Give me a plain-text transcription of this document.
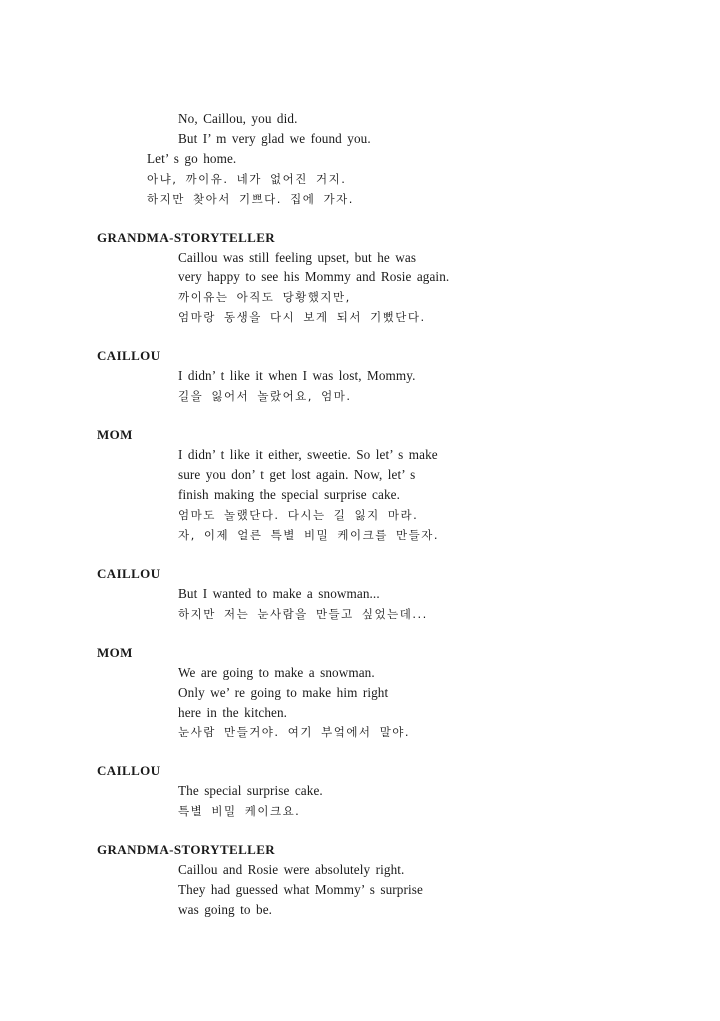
No, Caillou, you did.
But I’ m very glad we found you.
Let’ s go home.
아냐, 까이유. 네가 없어진 거지.
하지만 찾아서 기쁘다. 집에 가자.
GRANDMA-STORYTELLER
Caillou was still feeling upset, but he was
very happy to see his Mommy and Rosie again.
까이유는 아직도 당황했지만,
엄마랑 동생을 다시 보게 되서 기뻤단다.
CAILLOU
I didn’ t like it when I was lost, Mommy.
길을 잃어서 놀랐어요, 엄마.
MOM
I didn’ t like it either, sweetie. So let’ s make
sure you don’ t get lost again. Now, let’ s
finish making the special surprise cake.
엄마도 놀랬단다. 다시는 길 잃지 마라.
자, 이제 얼른 특별 비밀 케이크를 만들자.
CAILLOU
But I wanted to make a snowman...
하지만 저는 눈사람을 만들고 싶었는데...
MOM
We are going to make a snowman.
Only we’ re going to make him right
here in the kitchen.
눈사람 만들거야. 여기 부엌에서 말야.
CAILLOU
The special surprise cake.
특별 비밀 케이크요.
GRANDMA-STORYTELLER
Caillou and Rosie were absolutely right.
They had guessed what Mommy’ s surprise
was going to be.
